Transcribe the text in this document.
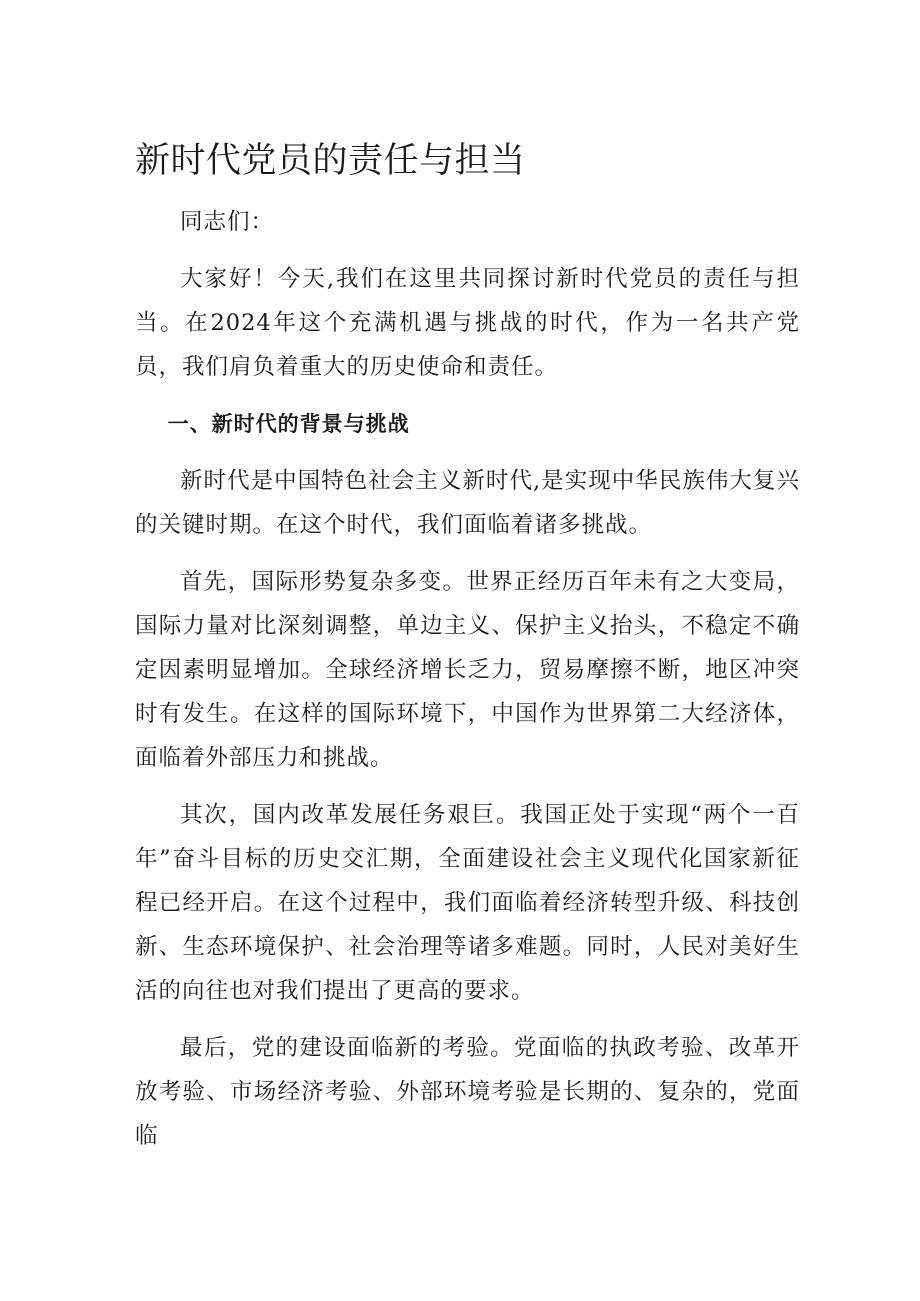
新时代党员的责任与担当

同志们：

大家好！今天,我们在这里共同探讨新时代党员的责任与担当。在2024年这个充满机遇与挑战的时代，作为一名共产党员，我们肩负着重大的历史使命和责任。

一、新时代的背景与挑战

新时代是中国特色社会主义新时代,是实现中华民族伟大复兴的关键时期。在这个时代，我们面临着诸多挑战。

首先，国际形势复杂多变。世界正经历百年未有之大变局，国际力量对比深刻调整，单边主义、保护主义抬头，不稳定不确定因素明显增加。全球经济增长乏力，贸易摩擦不断，地区冲突时有发生。在这样的国际环境下，中国作为世界第二大经济体，面临着外部压力和挑战。

其次，国内改革发展任务艰巨。我国正处于实现“两个一百年”奋斗目标的历史交汇期，全面建设社会主义现代化国家新征程已经开启。在这个过程中，我们面临着经济转型升级、科技创新、生态环境保护、社会治理等诸多难题。同时，人民对美好生活的向往也对我们提出了更高的要求。

最后，党的建设面临新的考验。党面临的执政考验、改革开放考验、市场经济考验、外部环境考验是长期的、复杂的，党面临
